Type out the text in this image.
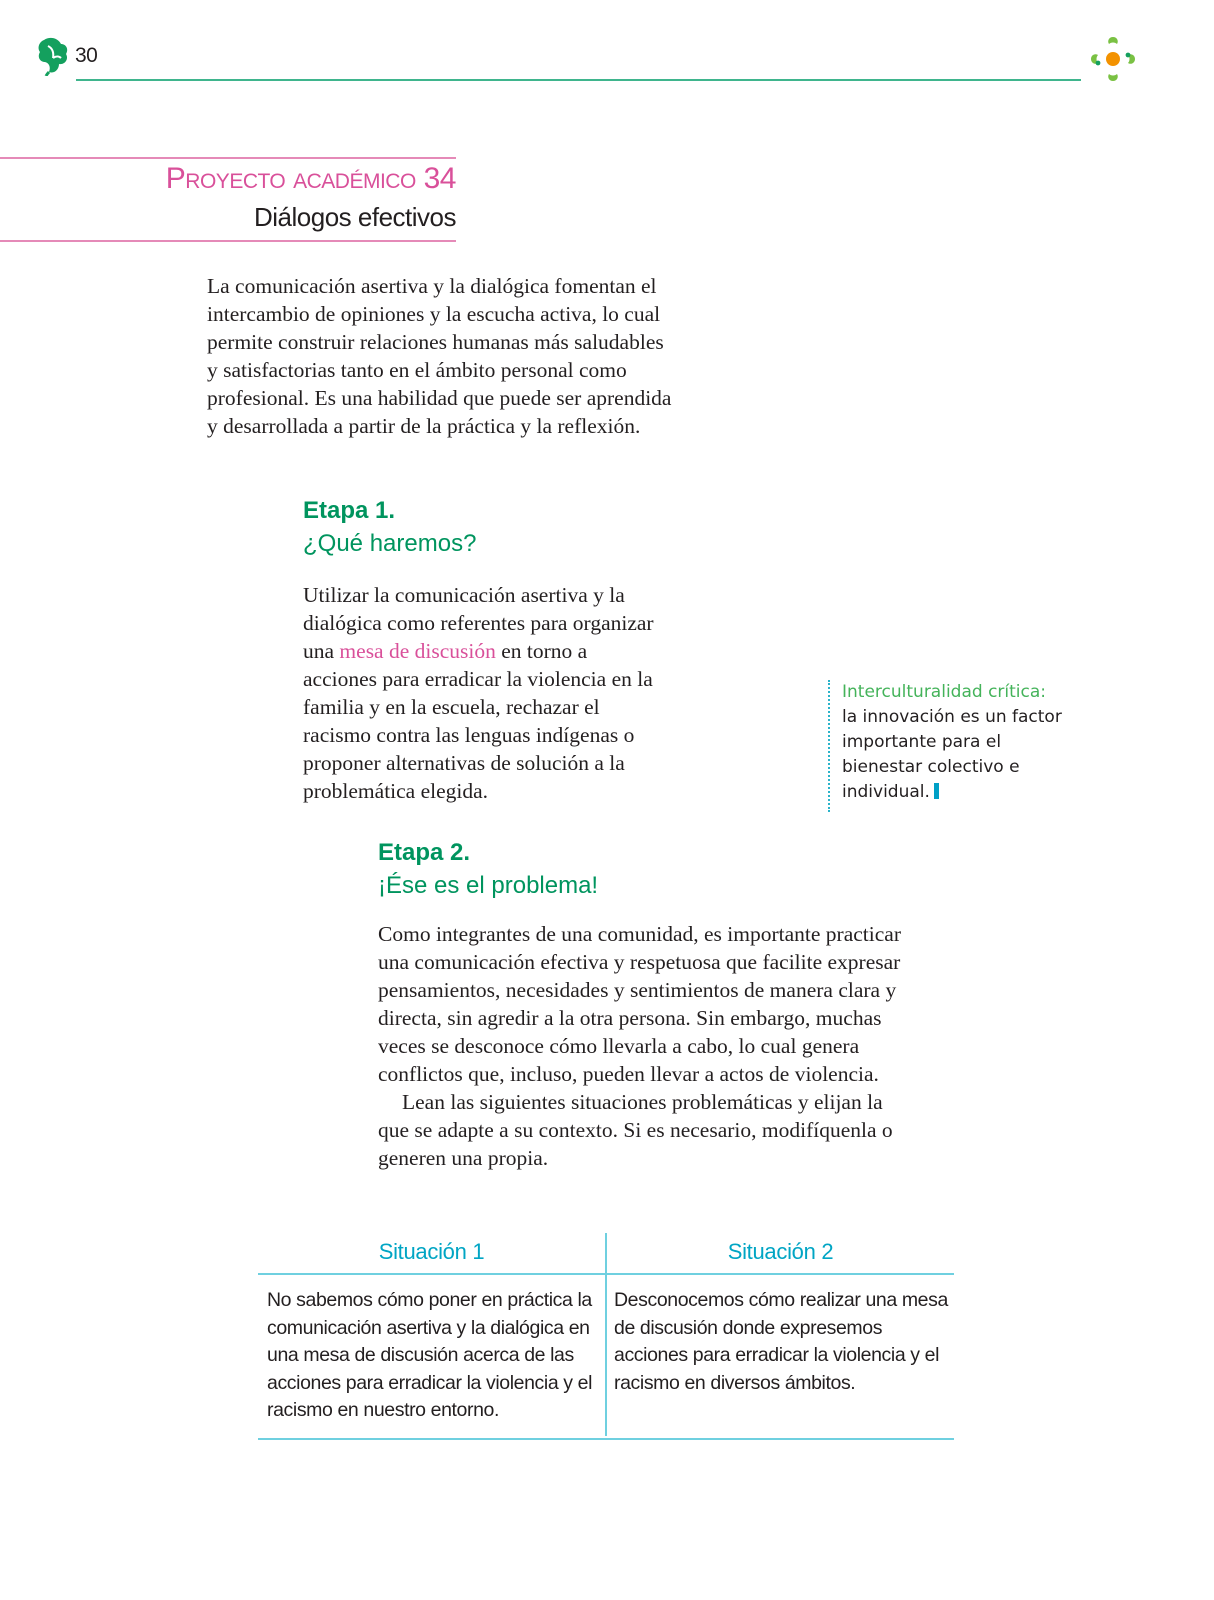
30
Proyecto académico 34
Diálogos efectivos

La comunicación asertiva y la dialógica fomentan el intercambio de opiniones y la escucha activa, lo cual permite construir relaciones humanas más saludables y satisfactorias tanto en el ámbito personal como profesional. Es una habilidad que puede ser aprendida y desarrollada a partir de la práctica y la reflexión.

Etapa 1.
¿Qué haremos?

Utilizar la comunicación asertiva y la dialógica como referentes para organizar una mesa de discusión en torno a acciones para erradicar la violencia en la familia y en la escuela, rechazar el racismo contra las lenguas indígenas o proponer alternativas de solución a la problemática elegida.

Interculturalidad crítica:
la innovación es un factor importante para el bienestar colectivo e individual.
Etapa 2.
¡Ése es el problema!
Como integrantes de una comunidad, es importante practicar una comunicación efectiva y respetuosa que facilite expresar pensamientos, necesidades y sentimientos de manera clara y directa, sin agredir a la otra persona. Sin embargo, muchas veces se desconoce cómo llevarla a cabo, lo cual genera conflictos que, incluso, pueden llevar a actos de violencia.
Lean las siguientes situaciones problemáticas y elijan la que se adapte a su contexto. Si es necesario, modifíquenla o generen una propia.
Situación 1	Situación 2
No sabemos cómo poner en práctica la comunicación asertiva y la dialógica en una mesa de discusión acerca de las acciones para erradicar la violencia y el racismo en nuestro entorno.
Desconocemos cómo realizar una mesa de discusión donde expresemos acciones para erradicar la violencia y el racismo en diversos ámbitos.
